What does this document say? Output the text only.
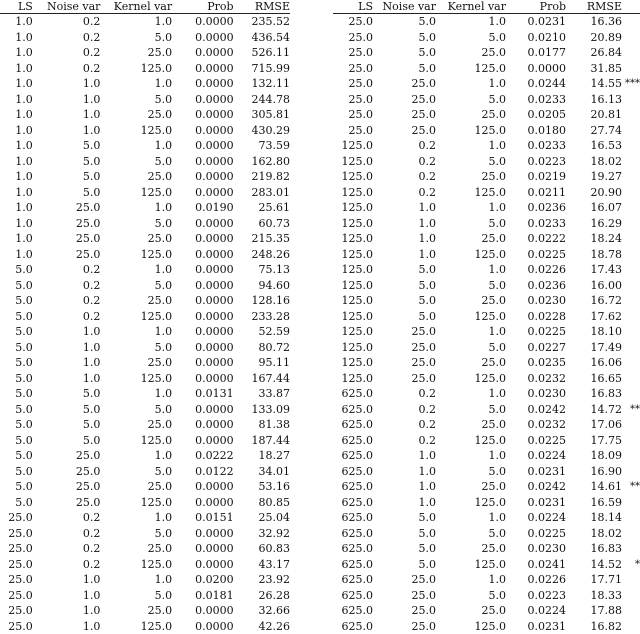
LS	Noise var	Kernel var	Prob	RMSE
1.0	0.2	1.0	0.0000	235.52
1.0	0.2	5.0	0.0000	436.54
1.0	0.2	25.0	0.0000	526.11
1.0	0.2	125.0	0.0000	715.99
1.0	1.0	1.0	0.0000	132.11
1.0	1.0	5.0	0.0000	244.78
1.0	1.0	25.0	0.0000	305.81
1.0	1.0	125.0	0.0000	430.29
1.0	5.0	1.0	0.0000	73.59
1.0	5.0	5.0	0.0000	162.80
1.0	5.0	25.0	0.0000	219.82
1.0	5.0	125.0	0.0000	283.01
1.0	25.0	1.0	0.0190	25.61
1.0	25.0	5.0	0.0000	60.73
1.0	25.0	25.0	0.0000	215.35
1.0	25.0	125.0	0.0000	248.26
5.0	0.2	1.0	0.0000	75.13
5.0	0.2	5.0	0.0000	94.60
5.0	0.2	25.0	0.0000	128.16
5.0	0.2	125.0	0.0000	233.28
5.0	1.0	1.0	0.0000	52.59
5.0	1.0	5.0	0.0000	80.72
5.0	1.0	25.0	0.0000	95.11
5.0	1.0	125.0	0.0000	167.44
5.0	5.0	1.0	0.0131	33.87
5.0	5.0	5.0	0.0000	133.09
5.0	5.0	25.0	0.0000	81.38
5.0	5.0	125.0	0.0000	187.44
5.0	25.0	1.0	0.0222	18.27
5.0	25.0	5.0	0.0122	34.01
5.0	25.0	25.0	0.0000	53.16
5.0	25.0	125.0	0.0000	80.85
25.0	0.2	1.0	0.0151	25.04
25.0	0.2	5.0	0.0000	32.92
25.0	0.2	25.0	0.0000	60.83
25.0	0.2	125.0	0.0000	43.17
25.0	1.0	1.0	0.0200	23.92
25.0	1.0	5.0	0.0181	26.28
25.0	1.0	25.0	0.0000	32.66
25.0	1.0	125.0	0.0000	42.26
LS	Noise var	Kernel var	Prob	RMSE	
25.0	5.0	1.0	0.0231	16.36	
25.0	5.0	5.0	0.0210	20.89	
25.0	5.0	25.0	0.0177	26.84	
25.0	5.0	125.0	0.0000	31.85	
25.0	25.0	1.0	0.0244	14.55	***
25.0	25.0	5.0	0.0233	16.13	
25.0	25.0	25.0	0.0205	20.81	
25.0	25.0	125.0	0.0180	27.74	
125.0	0.2	1.0	0.0233	16.53	
125.0	0.2	5.0	0.0223	18.02	
125.0	0.2	25.0	0.0219	19.27	
125.0	0.2	125.0	0.0211	20.90	
125.0	1.0	1.0	0.0236	16.07	
125.0	1.0	5.0	0.0233	16.29	
125.0	1.0	25.0	0.0222	18.24	
125.0	1.0	125.0	0.0225	18.78	
125.0	5.0	1.0	0.0226	17.43	
125.0	5.0	5.0	0.0236	16.00	
125.0	5.0	25.0	0.0230	16.72	
125.0	5.0	125.0	0.0228	17.62	
125.0	25.0	1.0	0.0225	18.10	
125.0	25.0	5.0	0.0227	17.49	
125.0	25.0	25.0	0.0235	16.06	
125.0	25.0	125.0	0.0232	16.65	
625.0	0.2	1.0	0.0230	16.83	
625.0	0.2	5.0	0.0242	14.72	**
625.0	0.2	25.0	0.0232	17.06	
625.0	0.2	125.0	0.0225	17.75	
625.0	1.0	1.0	0.0224	18.09	
625.0	1.0	5.0	0.0231	16.90	
625.0	1.0	25.0	0.0242	14.61	**
625.0	1.0	125.0	0.0231	16.59	
625.0	5.0	1.0	0.0224	18.14	
625.0	5.0	5.0	0.0225	18.02	
625.0	5.0	25.0	0.0230	16.83	
625.0	5.0	125.0	0.0241	14.52	*
625.0	25.0	1.0	0.0226	17.71	
625.0	25.0	5.0	0.0223	18.33	
625.0	25.0	25.0	0.0224	17.88	
625.0	25.0	125.0	0.0231	16.82	
